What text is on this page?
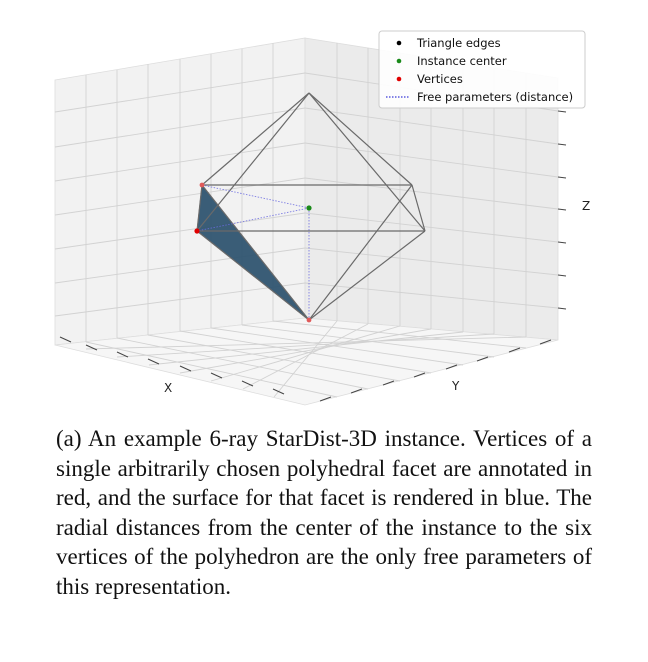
X	Y
Z
Triangle edges
Instance center
Vertices
Free parameters (distance)

(a) An example 6-ray StarDist-3D instance. Vertices of a single arbitrarily chosen polyhedral facet are annotated in red, and the surface for that facet is rendered in blue. The radial distances from the center of the instance to the six vertices of the polyhedron are the only free parameters of this representation.
